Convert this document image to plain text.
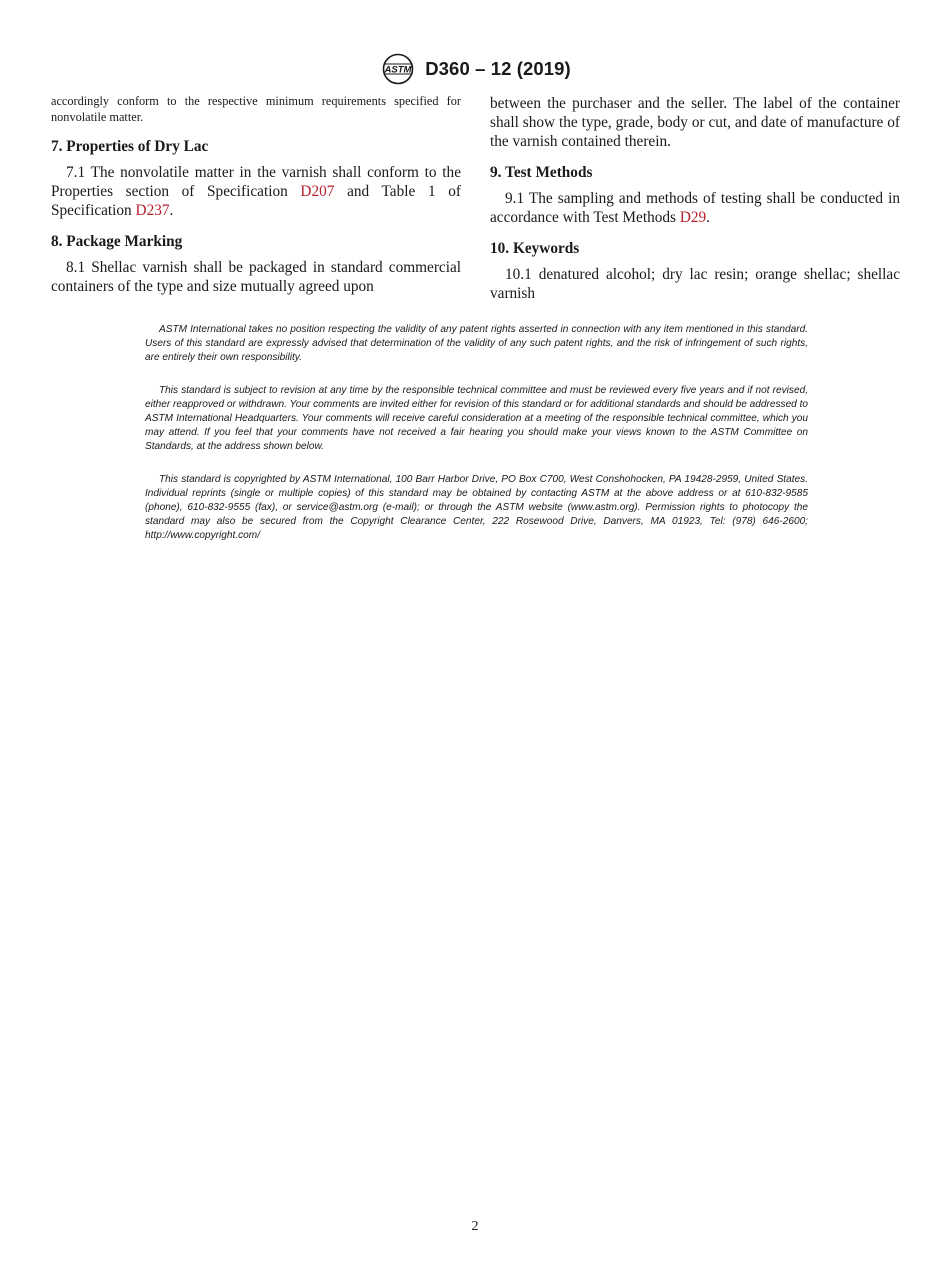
ASTM D360 – 12 (2019)

accordingly conform to the respective minimum requirements specified for nonvolatile matter.

7. Properties of Dry Lac

7.1 The nonvolatile matter in the varnish shall conform to the Properties section of Specification D207 and Table 1 of Specification D237.

8. Package Marking

8.1 Shellac varnish shall be packaged in standard commercial containers of the type and size mutually agreed upon

between the purchaser and the seller. The label of the container shall show the type, grade, body or cut, and date of manufacture of the varnish contained therein.

9. Test Methods

9.1 The sampling and methods of testing shall be conducted in accordance with Test Methods D29.

10. Keywords

10.1 denatured alcohol; dry lac resin; orange shellac; shellac varnish

ASTM International takes no position respecting the validity of any patent rights asserted in connection with any item mentioned in this standard. Users of this standard are expressly advised that determination of the validity of any such patent rights, and the risk of infringement of such rights, are entirely their own responsibility.
This standard is subject to revision at any time by the responsible technical committee and must be reviewed every five years and if not revised, either reapproved or withdrawn. Your comments are invited either for revision of this standard or for additional standards and should be addressed to ASTM International Headquarters. Your comments will receive careful consideration at a meeting of the responsible technical committee, which you may attend. If you feel that your comments have not received a fair hearing you should make your views known to the ASTM Committee on Standards, at the address shown below.
This standard is copyrighted by ASTM International, 100 Barr Harbor Drive, PO Box C700, West Conshohocken, PA 19428-2959, United States. Individual reprints (single or multiple copies) of this standard may be obtained by contacting ASTM at the above address or at 610-832-9585 (phone), 610-832-9555 (fax), or service@astm.org (e-mail); or through the ASTM website (www.astm.org). Permission rights to photocopy the standard may also be secured from the Copyright Clearance Center, 222 Rosewood Drive, Danvers, MA 01923, Tel: (978) 646-2600; http://www.copyright.com/
2
